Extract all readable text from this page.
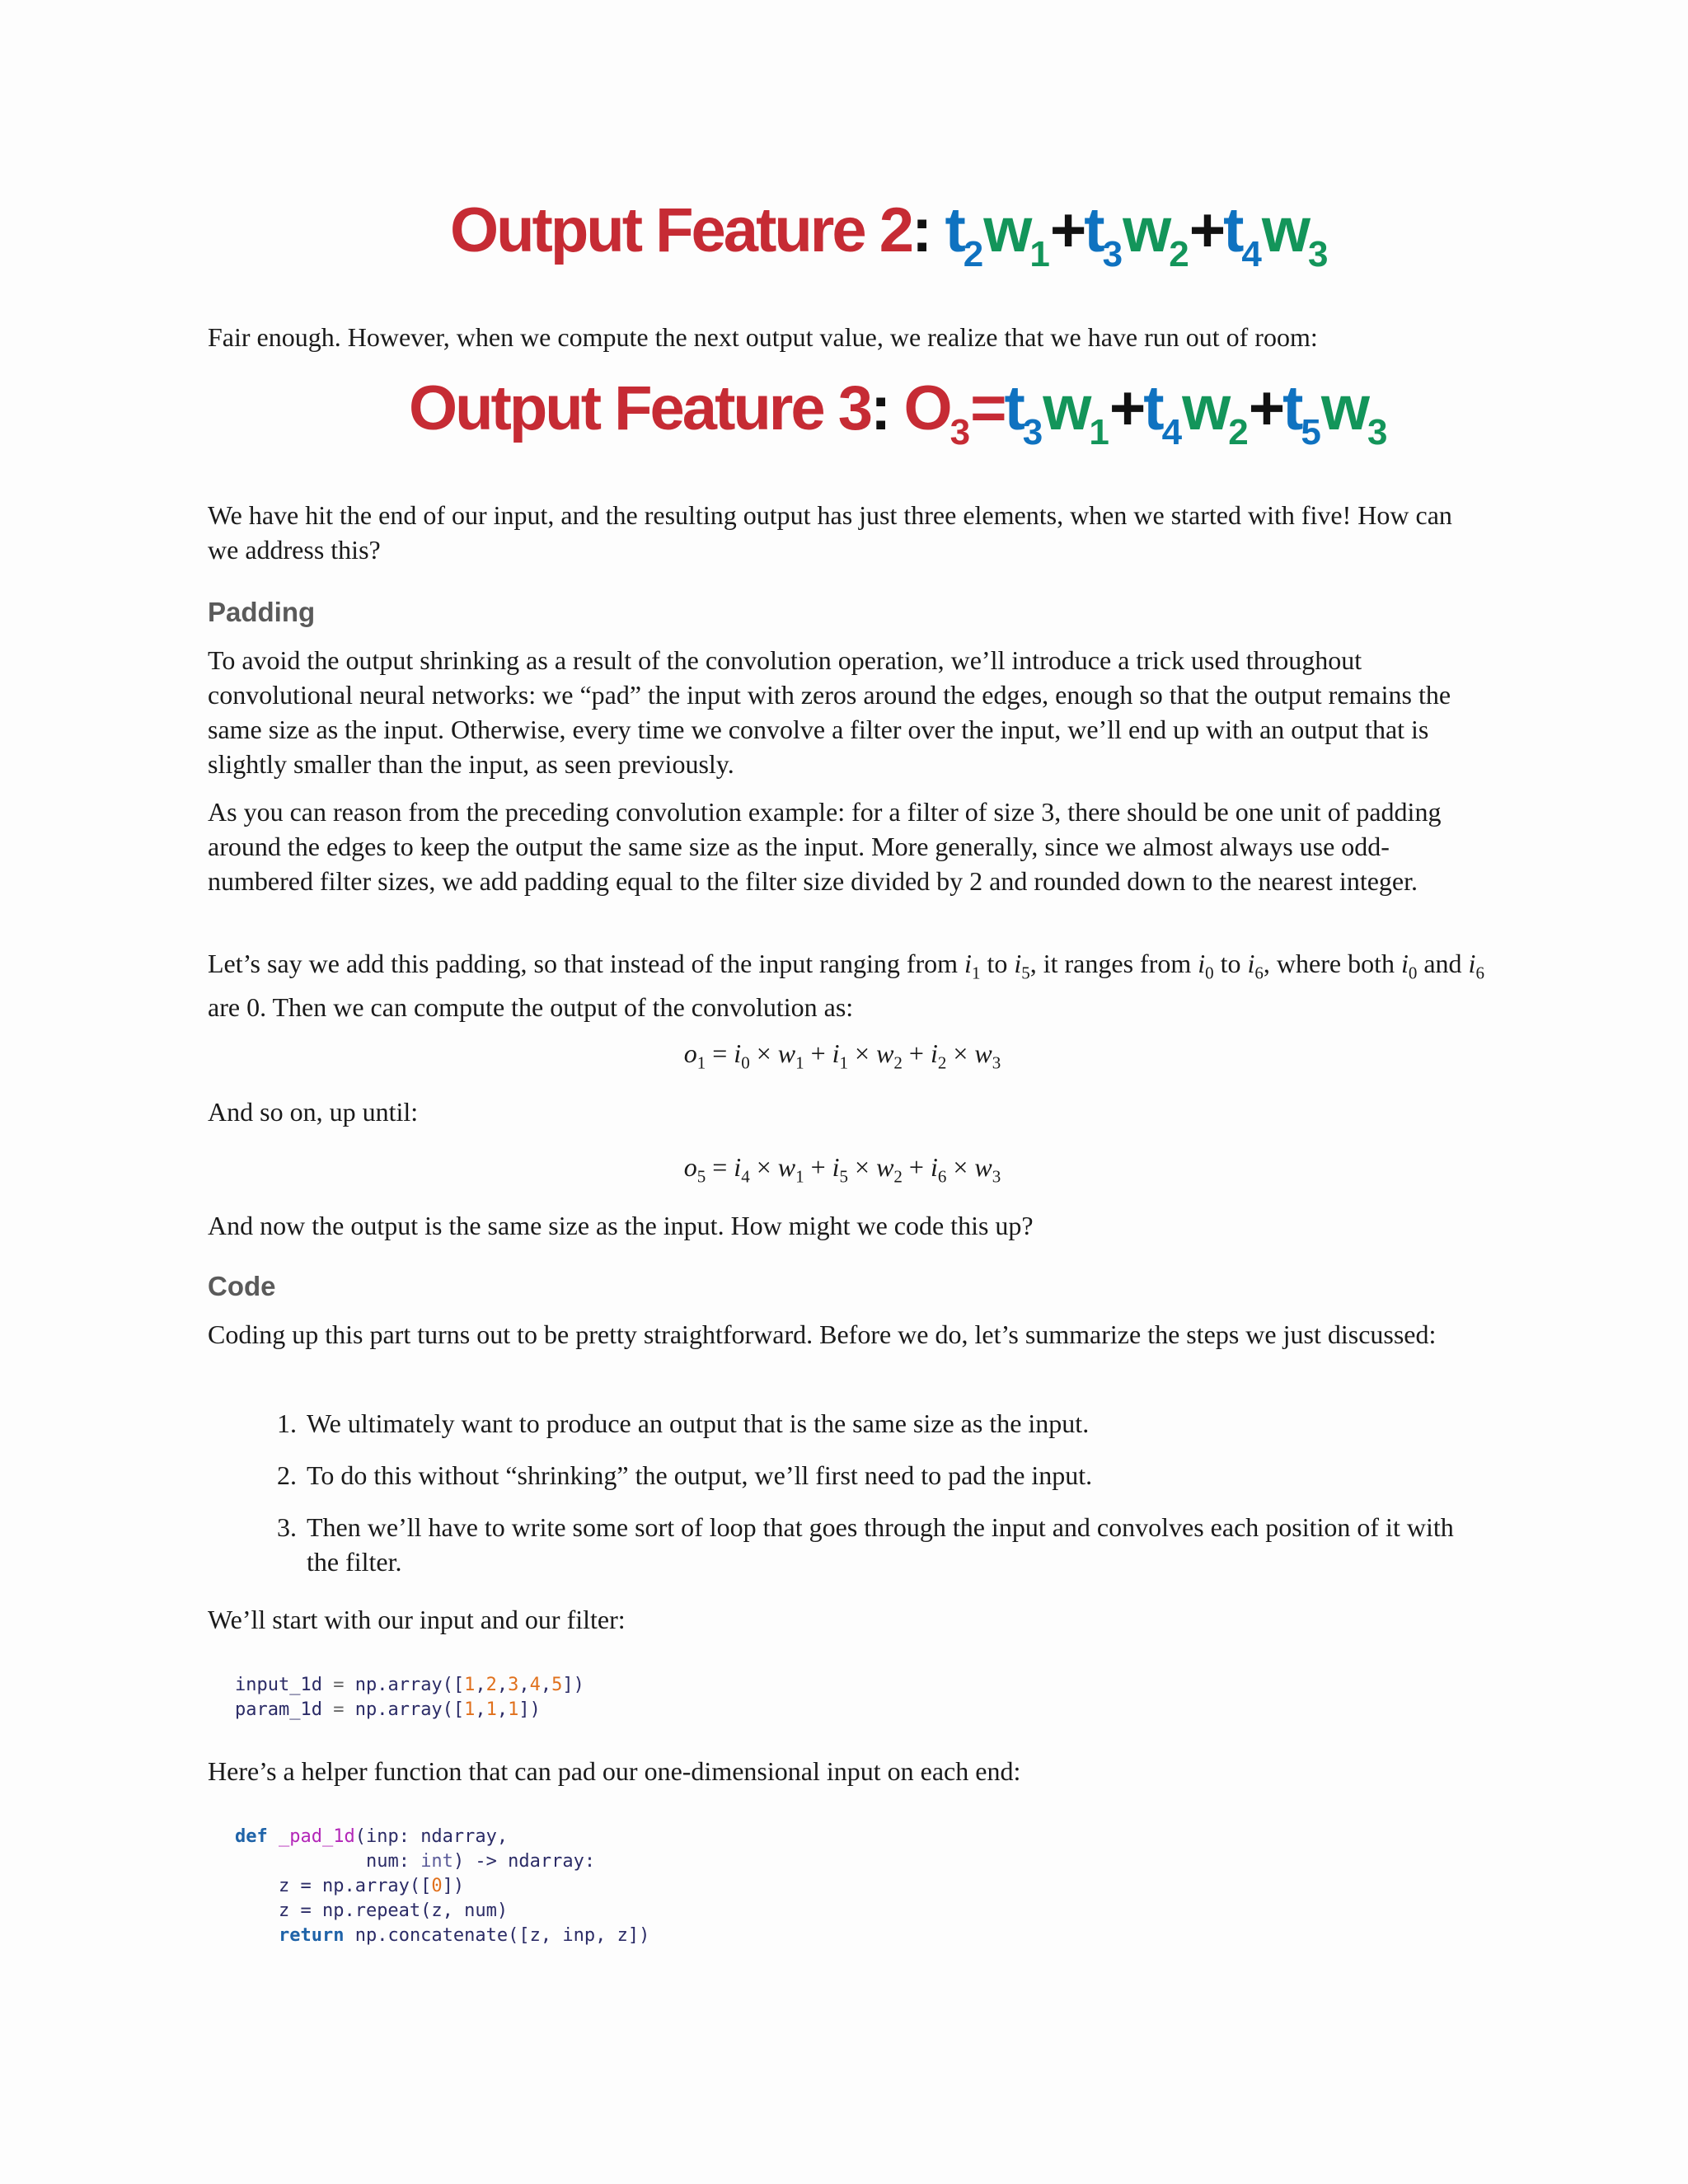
Output Feature 2: $t_2w_1+t_3w_2+t_4w_3$

Fair enough. However, when we compute the next output value, we realize that we have run out of room:

Output Feature 3: $O_3=t_3w_1+t_4w_2+t_5w_3$

We have hit the end of our input, and the resulting output has just three elements, when we started with five! How can we address this?

Padding

To avoid the output shrinking as a result of the convolution operation, we’ll introduce a trick used throughout convolutional neural networks: we “pad” the input with zeros around the edges, enough so that the output remains the same size as the input. Otherwise, every time we convolve a filter over the input, we’ll end up with an output that is slightly smaller than the input, as seen previously.

As you can reason from the preceding convolution example: for a filter of size 3, there should be one unit of padding around the edges to keep the output the same size as the input. More generally, since we almost always use odd-numbered filter sizes, we add padding equal to the filter size divided by 2 and rounded down to the nearest integer.

Let’s say we add this padding, so that instead of the input ranging from $i_1$ to $i_5$, it ranges from $i_0$ to $i_6$, where both $i_0$ and $i_6$ are 0. Then we can compute the output of the convolution as:

$o_1 = i_0 \times w_1 + i_1 \times w_2 + i_2 \times w_3$

And so on, up until:

$o_5 = i_4 \times w_1 + i_5 \times w_2 + i_6 \times w_3$

And now the output is the same size as the input. How might we code this up?

Code

Coding up this part turns out to be pretty straightforward. Before we do, let’s summarize the steps we just discussed:

1. We ultimately want to produce an output that is the same size as the input.
2. To do this without “shrinking” the output, we’ll first need to pad the input.
3. Then we’ll have to write some sort of loop that goes through the input and convolves each position of it with the filter.

We’ll start with our input and our filter:

input_1d = np.array([1,2,3,4,5])
param_1d = np.array([1,1,1])

Here’s a helper function that can pad our one-dimensional input on each end:

def _pad_1d(inp: ndarray,
num: int) -> ndarray:
z = np.array([0])
z = np.repeat(z, num)
return np.concatenate([z, inp, z])
